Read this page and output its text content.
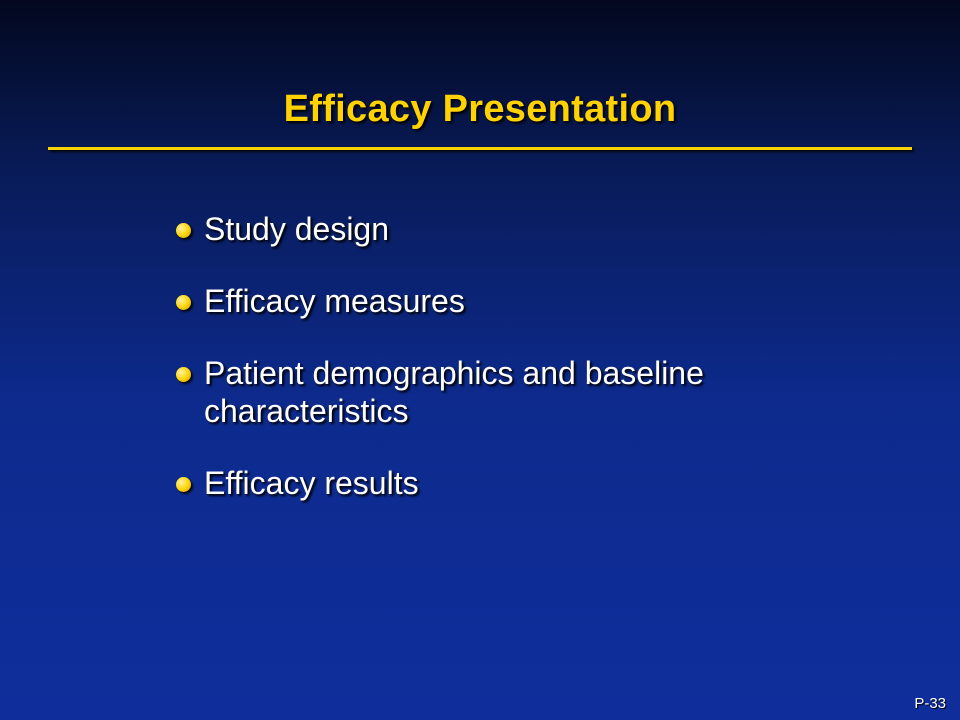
Efficacy Presentation
Study design
Efficacy measures
Patient demographics and baseline characteristics
Efficacy results
P-33
